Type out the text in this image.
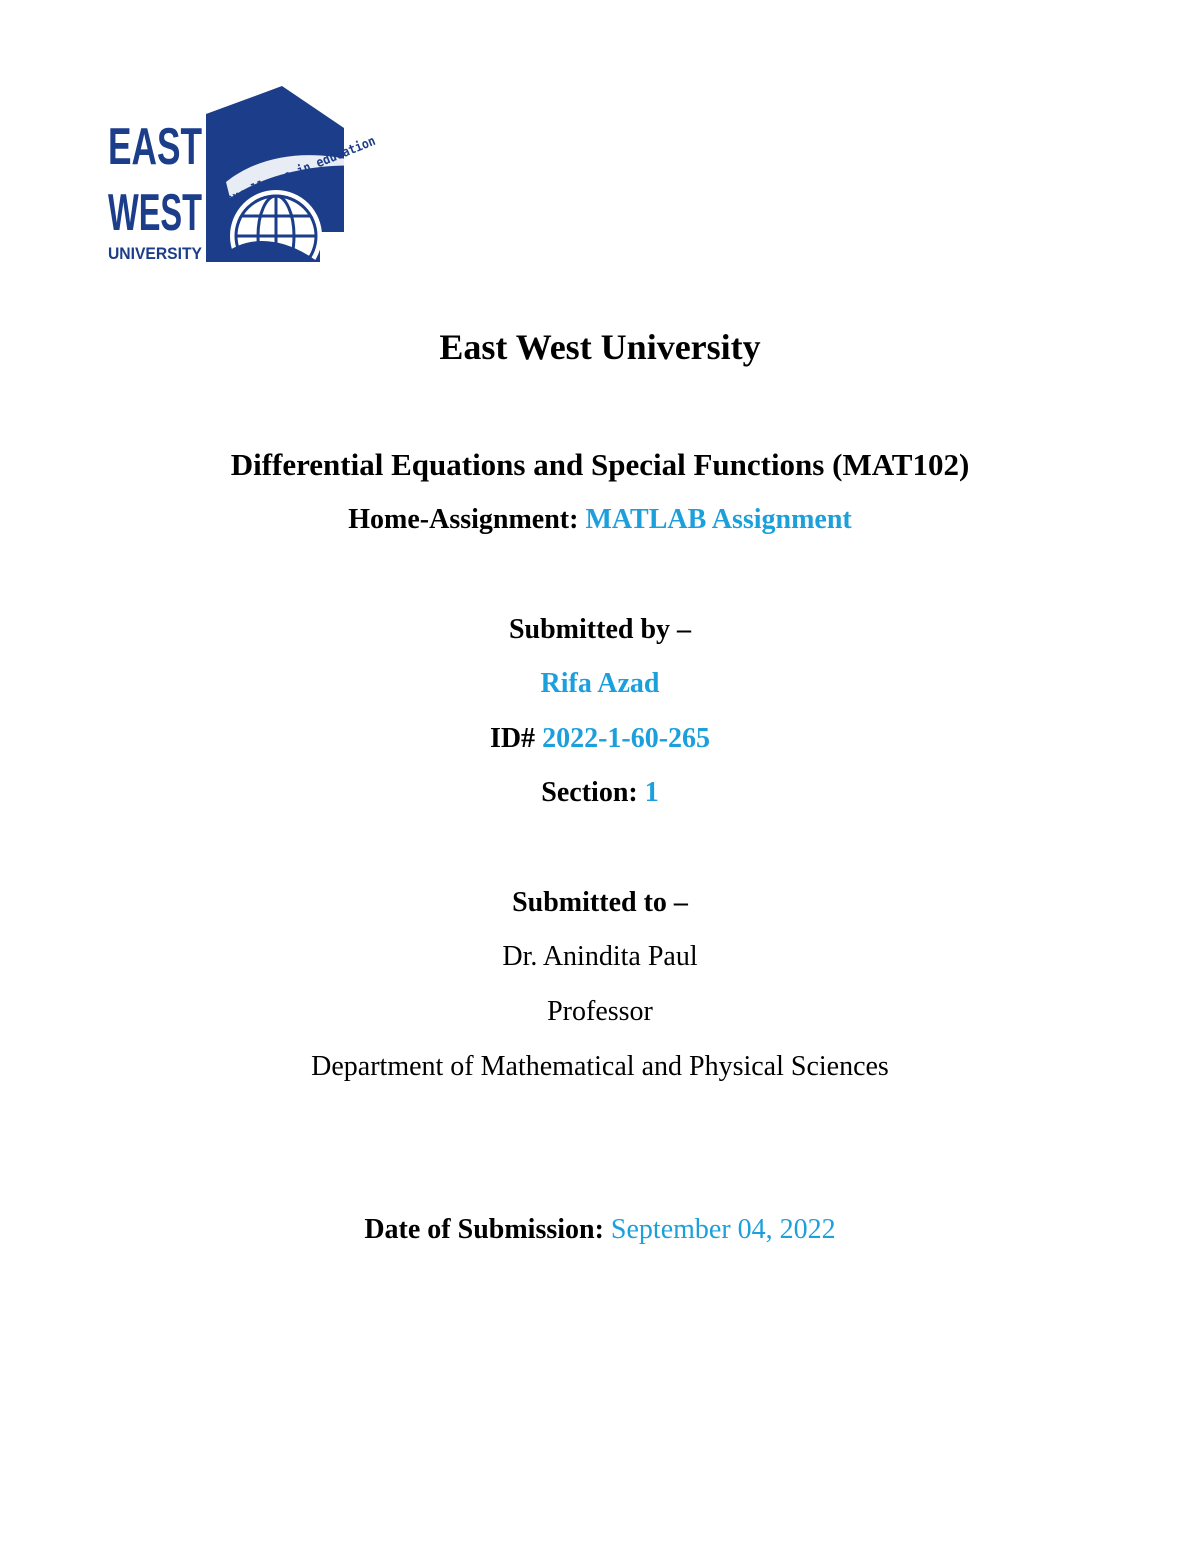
EAST
WEST
UNIVERSITY
excellence in education
East West University
Differential Equations and Special Functions (MAT102)
Home-Assignment: MATLAB Assignment
Submitted by –
Rifa Azad
ID# 2022-1-60-265
Section: 1
Submitted to –
Dr. Anindita Paul
Professor
Department of Mathematical and Physical Sciences
Date of Submission: September 04, 2022
